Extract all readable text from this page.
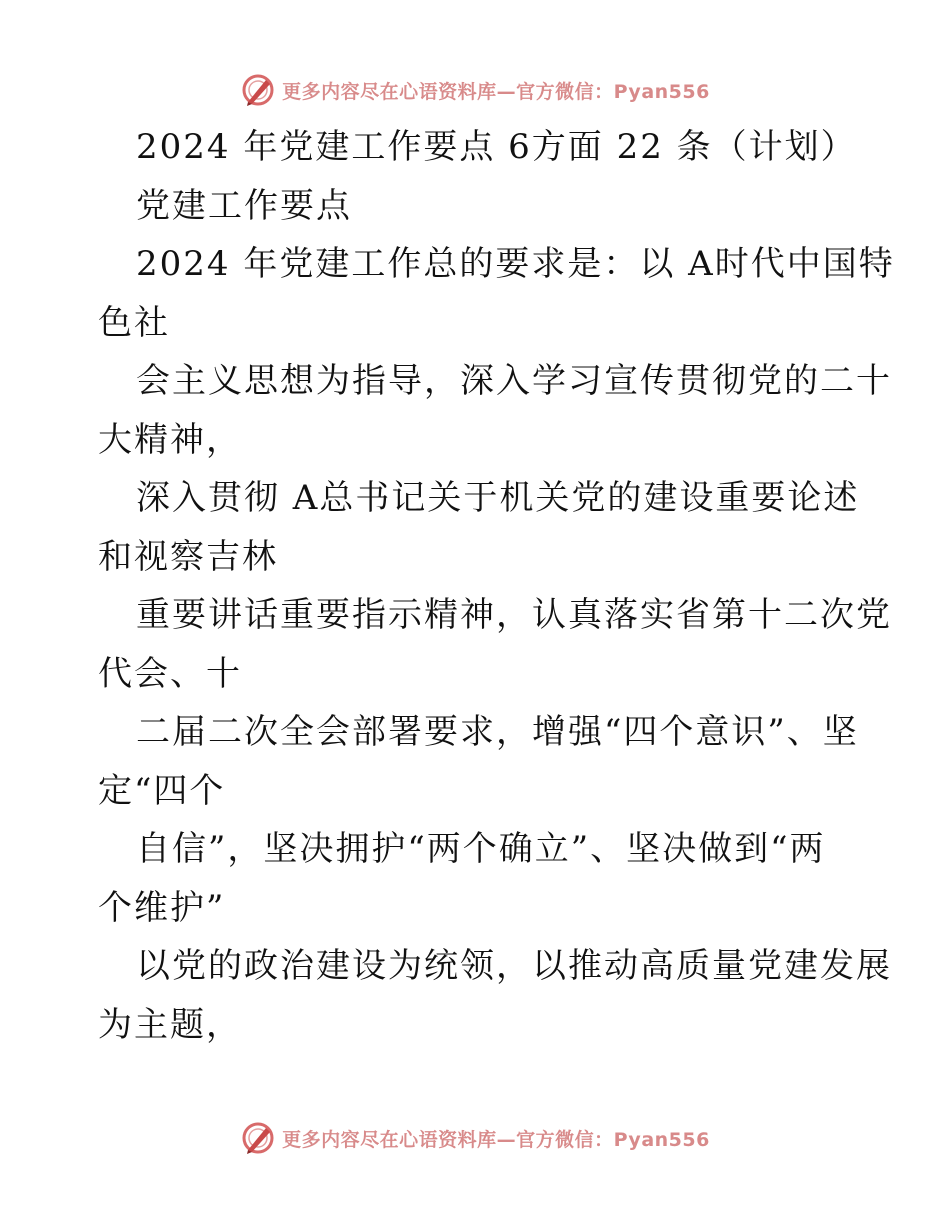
更多内容尽在心语资料库—官方微信：Pyan556

2024 年党建工作要点 6方面 22 条（计划）

党建工作要点

2024 年党建工作总的要求是：以 A时代中国特
色社

会主义思想为指导，深入学习宣传贯彻党的二十
大精神，

深入贯彻 A总书记关于机关党的建设重要论述
和视察吉林

重要讲话重要指示精神，认真落实省第十二次党
代会、十

二届二次全会部署要求，增强“四个意识”、坚
定“四个

自信”，坚决拥护“两个确立”、坚决做到“两
个维护”

以党的政治建设为统领，以推动高质量党建发展
为主题，

更多内容尽在心语资料库—官方微信：Pyan556
